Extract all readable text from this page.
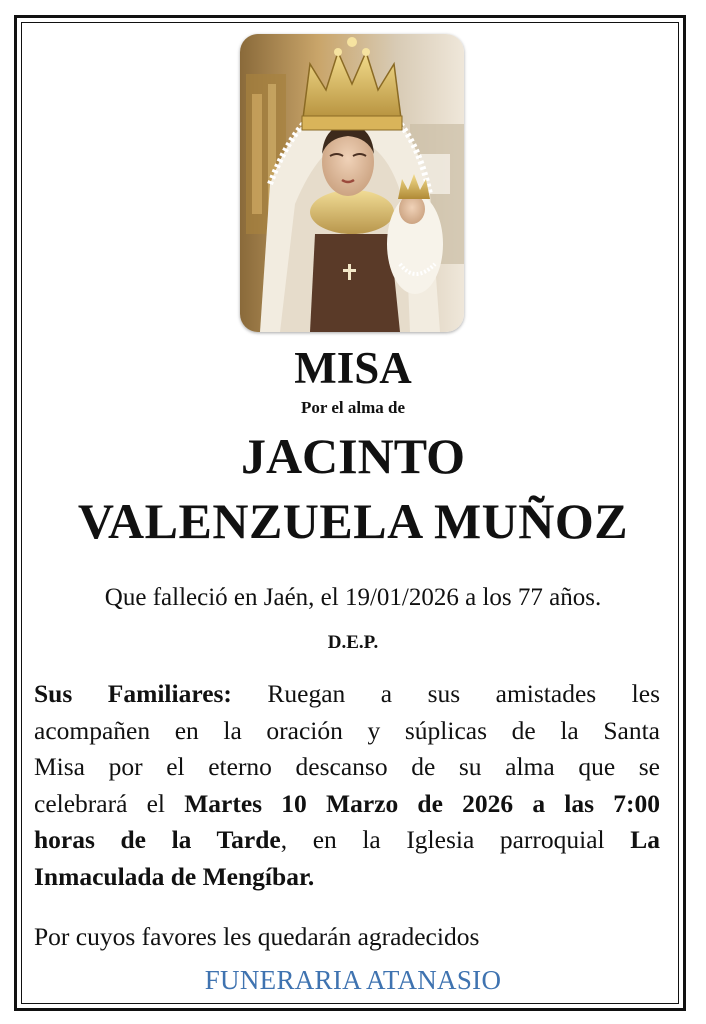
MISA
Por el alma de
JACINTO
VALENZUELA MUÑOZ
Que falleció en Jaén, el 19/01/2026 a los 77 años.
D.E.P.
Sus Familiares: Ruegan a sus amistades les
acompañen en la oración y súplicas de la Santa
Misa por el eterno descanso de su alma que se
celebrará el Martes 10 Marzo de 2026 a las 7:00
horas de la Tarde, en la Iglesia parroquial La
Inmaculada de Mengíbar.
Por cuyos favores les quedarán agradecidos
FUNERARIA ATANASIO
